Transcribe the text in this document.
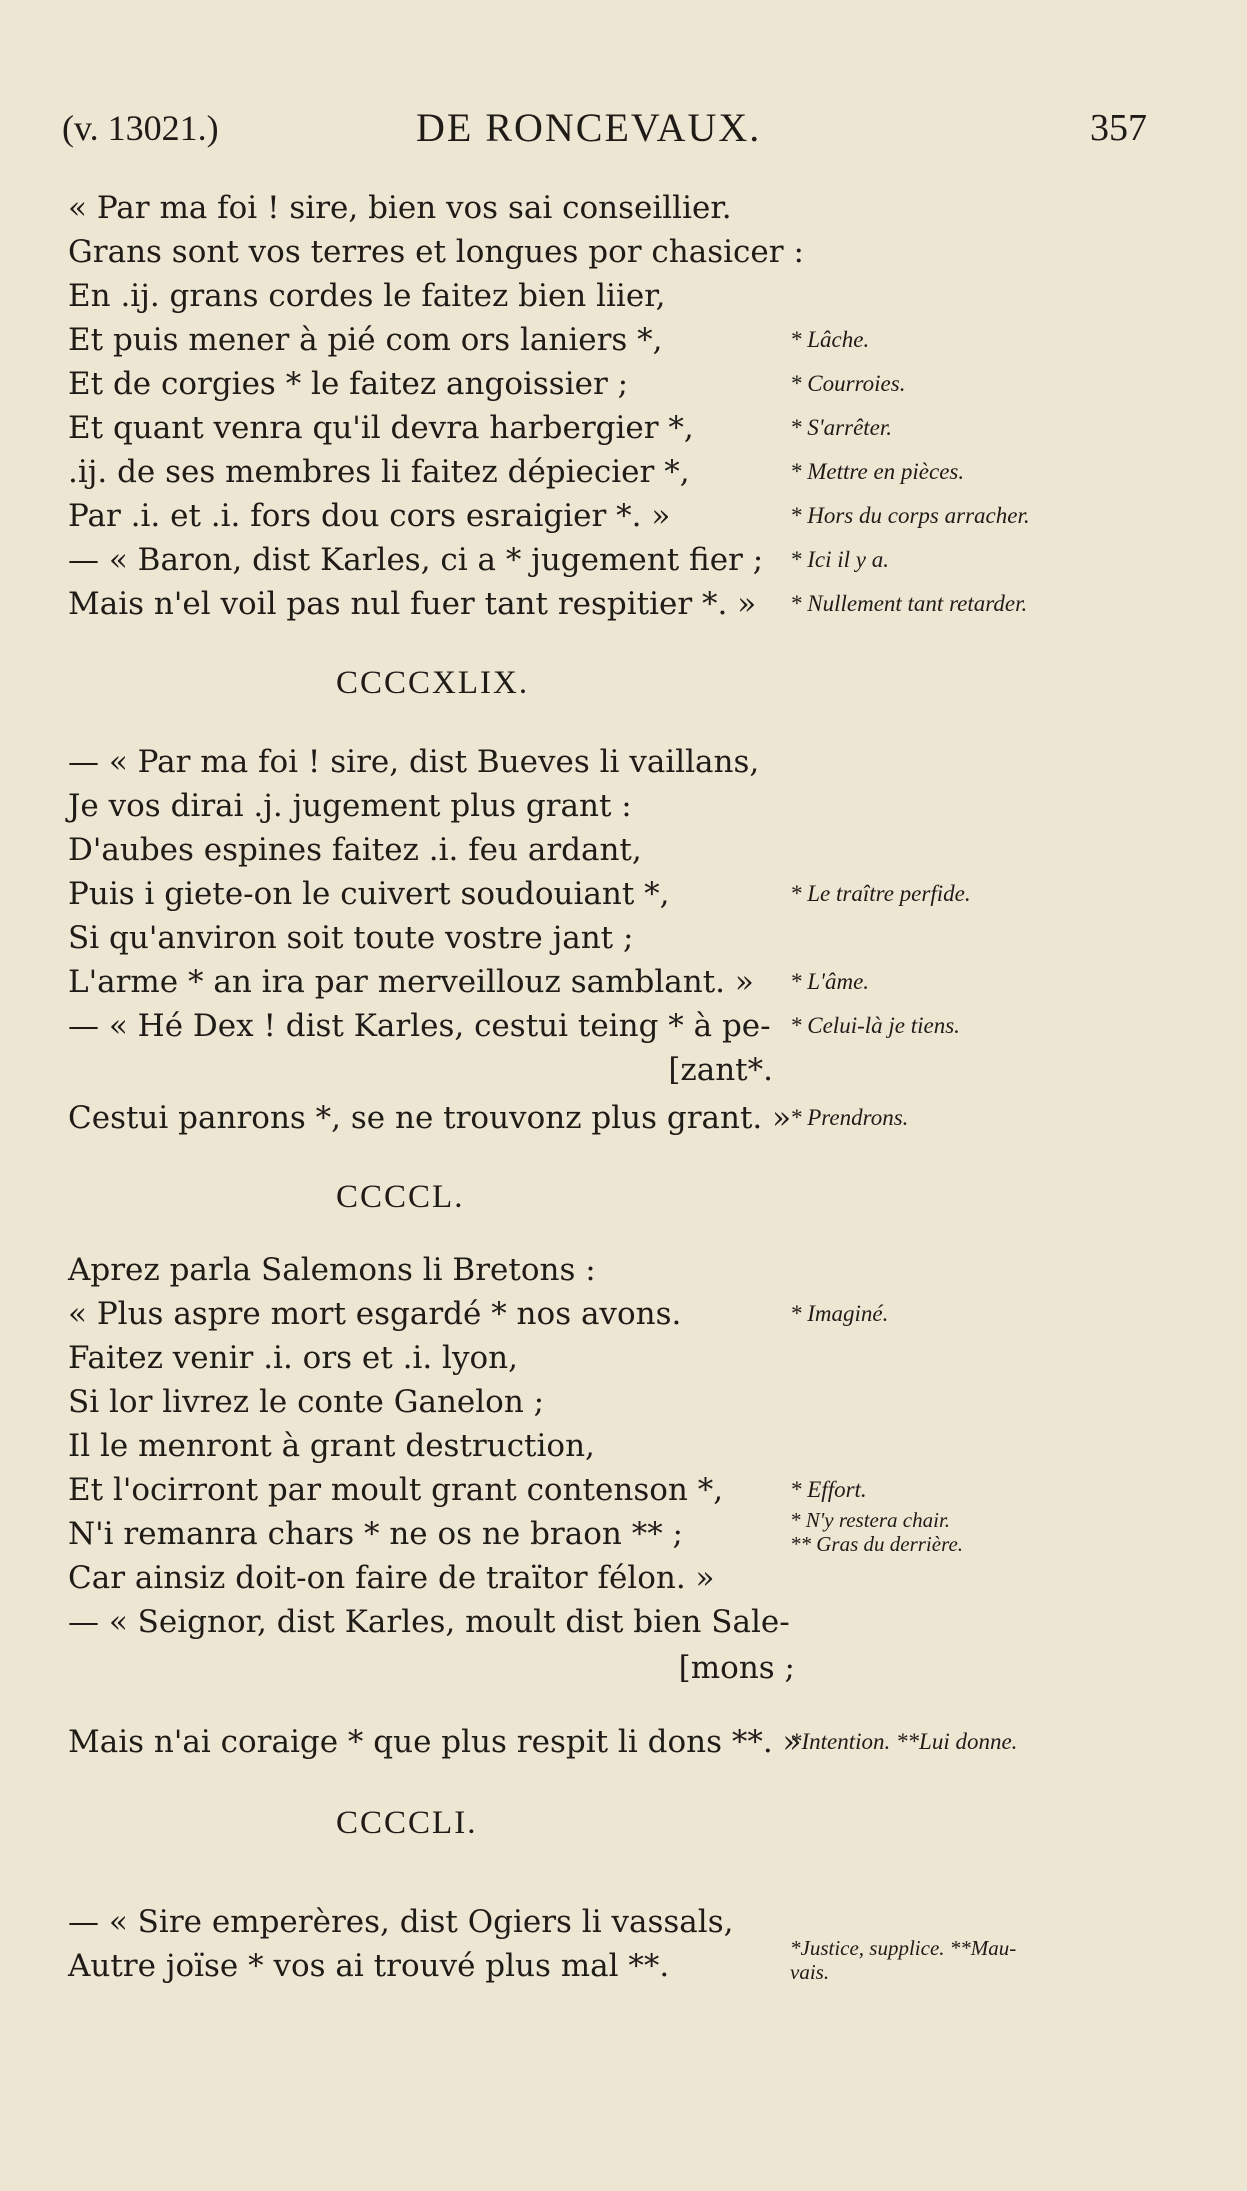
(v. 13021.)	DE RONCEVAUX.	357
« Par ma foi ! sire, bien vos sai conseillier.
Grans sont vos terres et longues por chasicer :
En .ij. grans cordes le faitez bien liier,
Et puis mener à pié com ors laniers *,
Et de corgies * le faitez angoissier ;
Et quant venra qu'il devra harbergier *,
.ij. de ses membres li faitez dépiecier *,
Par .i. et .i. fors dou cors esraigier *. »
— « Baron, dist Karles, ci a * jugement fier ;
Mais n'el voil pas nul fuer tant respitier *. »
* Lâche.
* Courroies.
* S'arrêter.
* Mettre en pièces.
* Hors du corps arracher.
* Ici il y a.
* Nullement tant retarder.
CCCCXLIX.
— « Par ma foi ! sire, dist Bueves li vaillans,
Je vos dirai .j. jugement plus grant :
D'aubes espines faitez .i. feu ardant,
Puis i giete-on le cuivert soudouiant *,
Si qu'anviron soit toute vostre jant ;
L'arme * an ira par merveillouz samblant. »
— « Hé Dex ! dist Karles, cestui teing * à pe-
[zant*.
Cestui panrons *, se ne trouvonz plus grant. »
* Le traître perfide.
* L'âme.
* Celui-là je tiens.
* Prendrons.
CCCCL.
Aprez parla Salemons li Bretons :
« Plus aspre mort esgardé * nos avons.
Faitez venir .i. ors et .i. lyon,
Si lor livrez le conte Ganelon ;
Il le menront à grant destruction,
Et l'ocirront par moult grant contenson *,
N'i remanra chars * ne os ne braon ** ;
Car ainsiz doit-on faire de traïtor félon. »
— « Seignor, dist Karles, moult dist bien Sale-
[mons ;
Mais n'ai coraige * que plus respit li dons **. »
* Imaginé.
* Effort.
* N'y restera chair.
** Gras du derrière.
*Intention. **Lui donne.
CCCCLI.
— « Sire emperères, dist Ogiers li vassals,
Autre joïse * vos ai trouvé plus mal **.	*Justice, supplice. **Mau-
vais.
